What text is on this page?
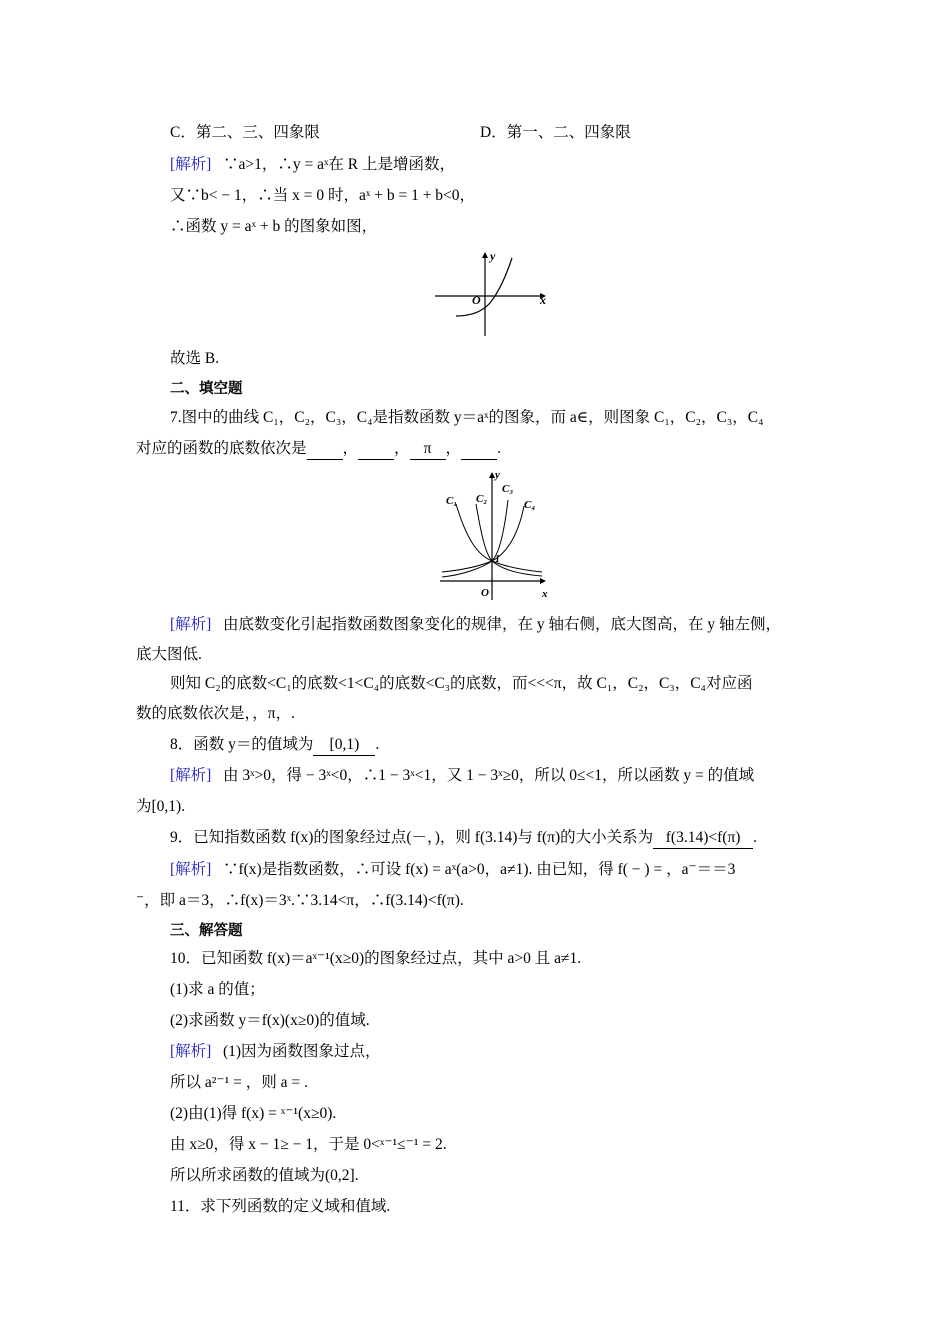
C．第二、三、四象限	D．第一、二、四象限
[解析] ∵a>1，∴y = aˣ在 R 上是增函数，
又∵b< − 1，∴当 x = 0 时，aˣ + b = 1 + b<0，
∴函数 y = aˣ + b 的图象如图，
y
x
O
故选 B.
二、填空题
7.图中的曲线 C₁，C₂，C₃，C₄是指数函数 y＝aˣ的图象，而 a∈，则图象 C₁，C₂，C₃，C₄
对应的函数的底数依次是 ， ， π ， .
y
x
O
1
C₁ C₂
C₃
C₄
[解析] 由底数变化引起指数函数图象变化的规律，在 y 轴右侧，底大图高，在 y 轴左侧，
底大图低.
则知 C₂的底数<C₁的底数<1<C₄的底数<C₃的底数，而<<<π，故 C₁，C₂，C₃，C₄对应函
数的底数依次是，，π，.
8．函数 y＝的值域为 [0,1) .
[解析] 由 3ˣ>0，得 − 3ˣ<0，∴1 − 3ˣ<1，又 1 − 3ˣ≥0，所以 0≤<1，所以函数 y = 的值域
为[0,1).
9．已知指数函数 f(x)的图象经过点(－，)，则 f(3.14)与 f(π)的大小关系为 f(3.14)<f(π) .
[解析] ∵f(x)是指数函数，∴可设 f(x) = aˣ(a>0，a≠1). 由已知，得 f( − ) = ，a⁻＝＝3
⁻，即 a＝3，∴f(x)＝3ˣ.∵3.14<π，∴f(3.14)<f(π).
三、解答题
10．已知函数 f(x)＝aˣ⁻¹(x≥0)的图象经过点，其中 a>0 且 a≠1.
(1)求 a 的值；
(2)求函数 y＝f(x)(x≥0)的值域.
[解析] (1)因为函数图象过点，
所以 a²⁻¹ = ，则 a = .
(2)由(1)得 f(x) = ˣ⁻¹(x≥0).
由 x≥0，得 x − 1≥ − 1，于是 0<ˣ⁻¹≤⁻¹ = 2.
所以所求函数的值域为(0,2].
11．求下列函数的定义域和值域.
